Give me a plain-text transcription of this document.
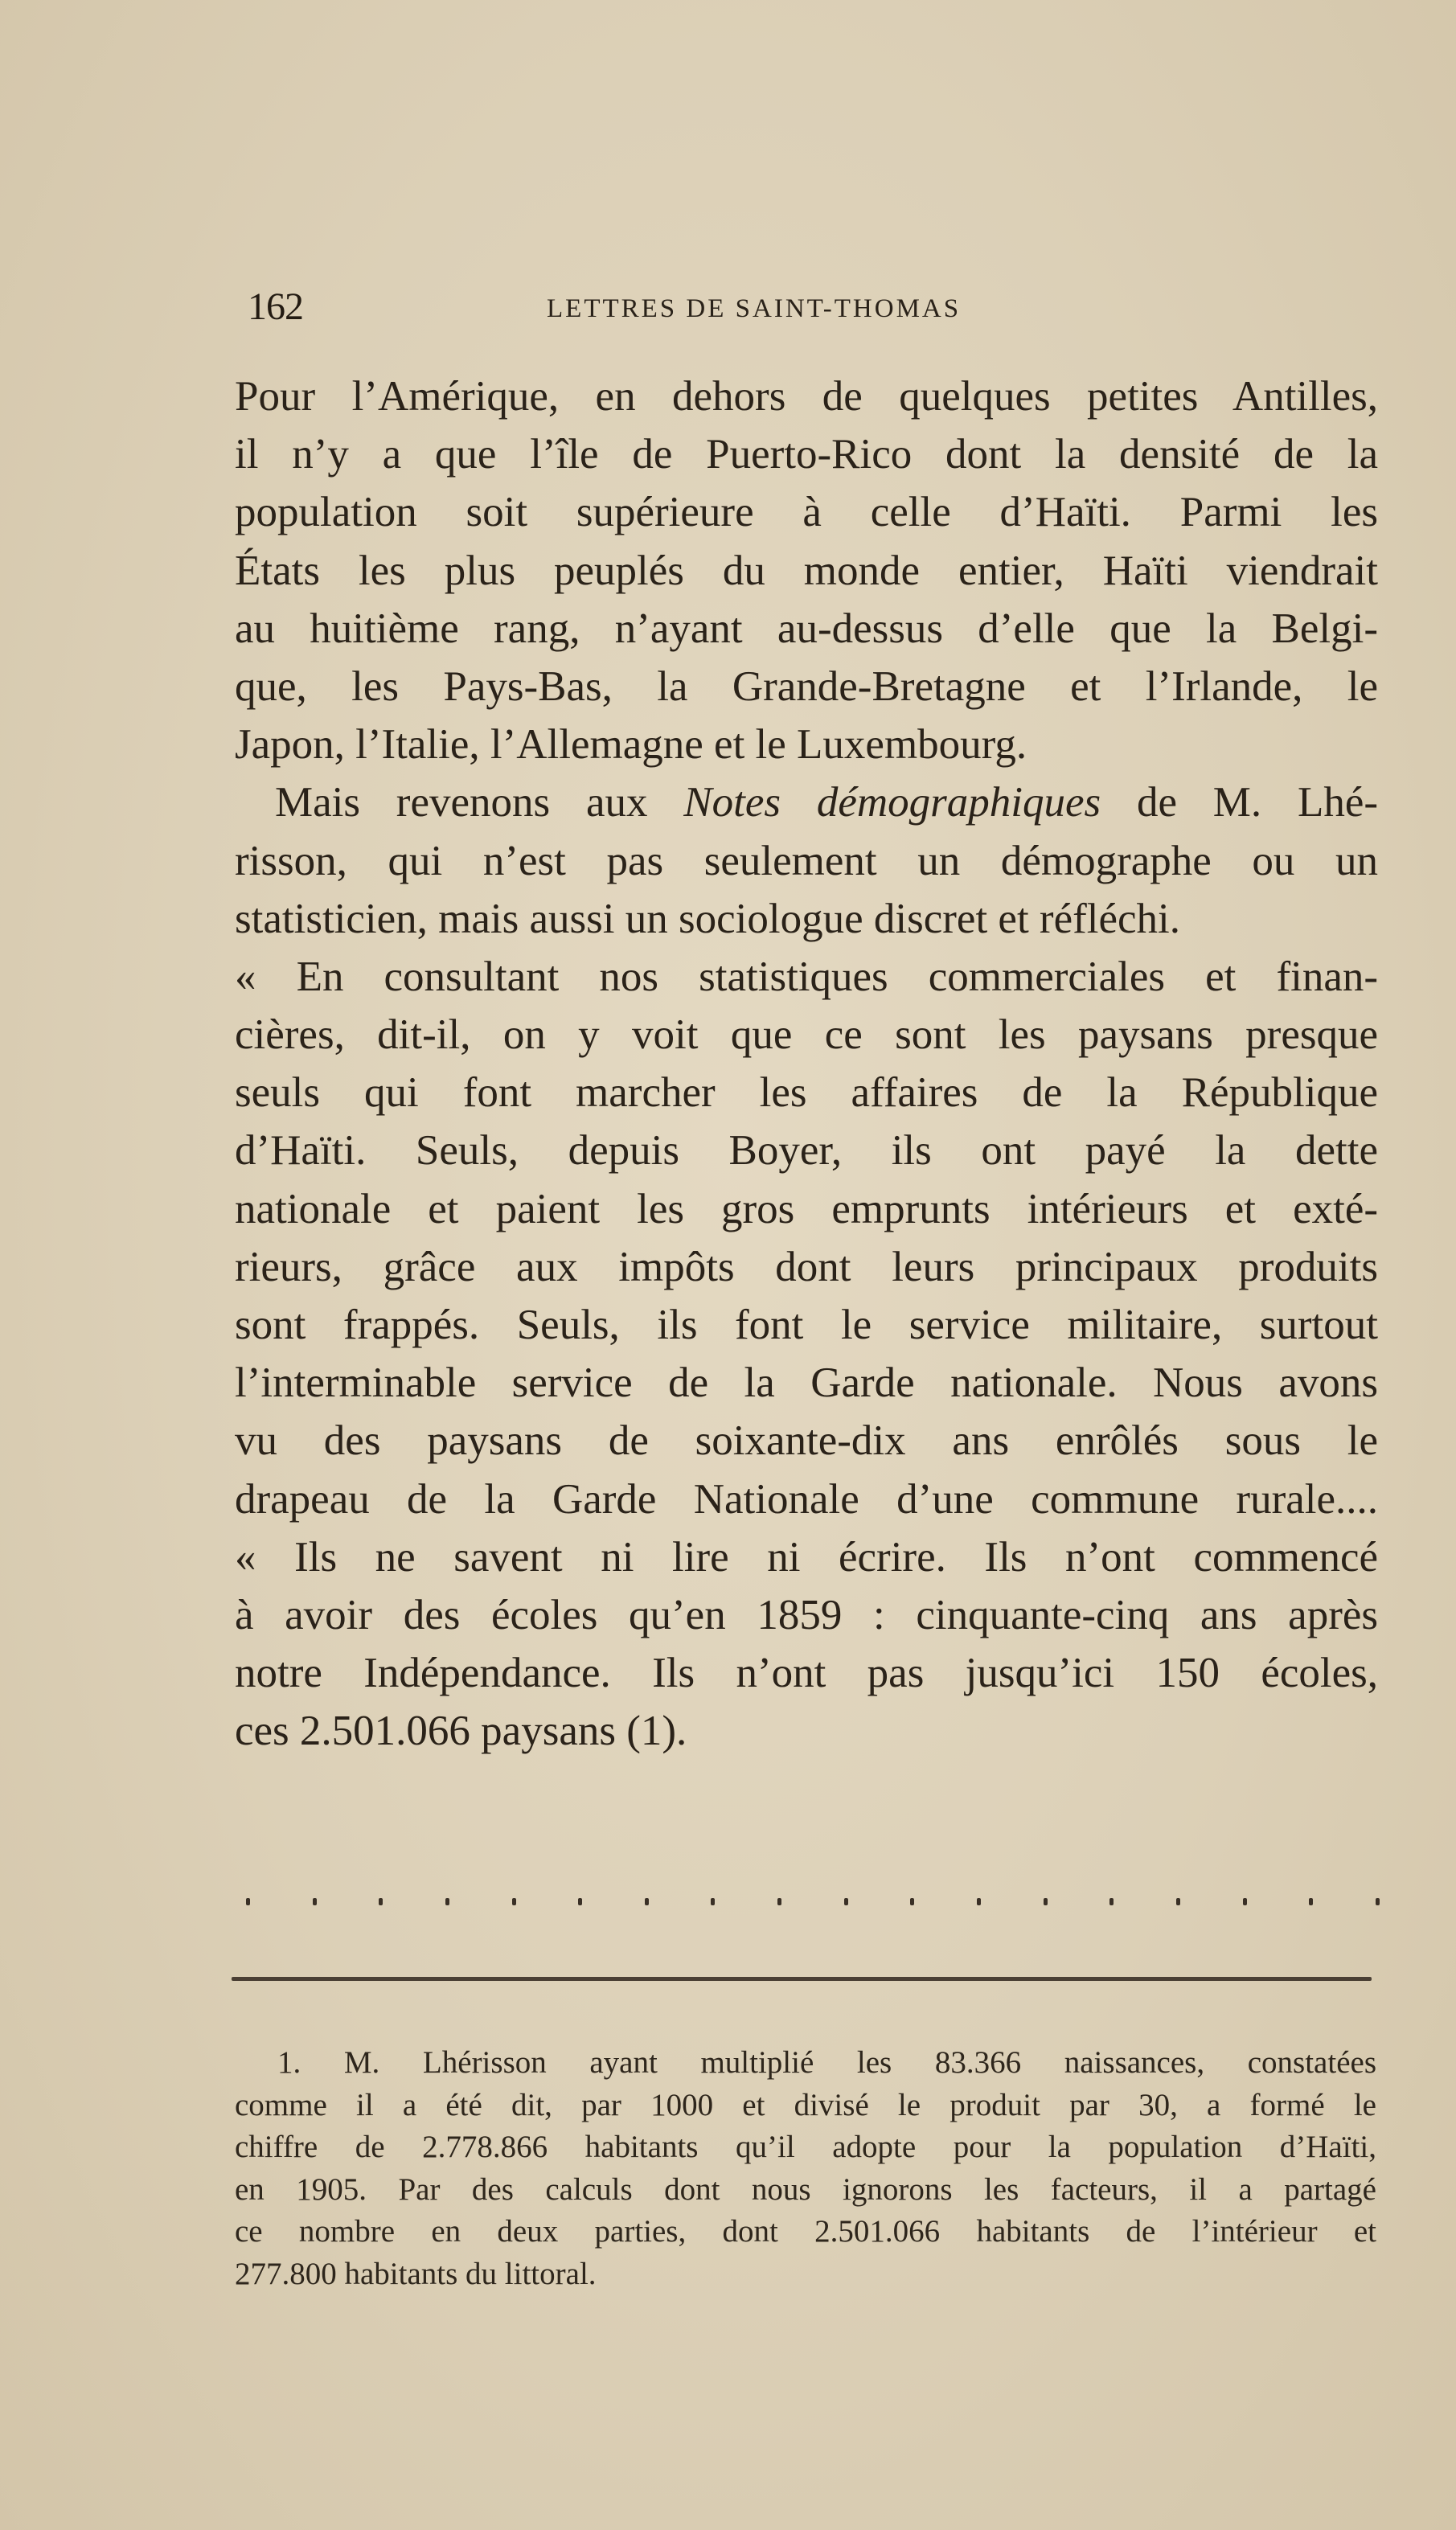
162	LETTRES DE SAINT-THOMAS
Pour l’Amérique, en dehors de quelques petites Antilles,
il n’y a que l’île de Puerto-Rico dont la densité de la
population soit supérieure à celle d’Haïti. Parmi les
États les plus peuplés du monde entier, Haïti viendrait
au huitième rang, n’ayant au-dessus d’elle que la Belgi-
que, les Pays-Bas, la Grande-Bretagne et l’Irlande, le
Japon, l’Italie, l’Allemagne et le Luxembourg.
Mais revenons aux Notes démographiques de M. Lhé-
risson, qui n’est pas seulement un démographe ou un
statisticien, mais aussi un sociologue discret et réfléchi.
« En consultant nos statistiques commerciales et finan-
cières, dit-il, on y voit que ce sont les paysans presque
seuls qui font marcher les affaires de la République
d’Haïti. Seuls, depuis Boyer, ils ont payé la dette
nationale et paient les gros emprunts intérieurs et exté-
rieurs, grâce aux impôts dont leurs principaux produits
sont frappés. Seuls, ils font le service militaire, surtout
l’interminable service de la Garde nationale. Nous avons
vu des paysans de soixante-dix ans enrôlés sous le
drapeau de la Garde Nationale d’une commune rurale....
« Ils ne savent ni lire ni écrire. Ils n’ont commencé
à avoir des écoles qu’en 1859 : cinquante-cinq ans après
notre Indépendance. Ils n’ont pas jusqu’ici 150 écoles,
ces 2.501.066 paysans (1).
1. M. Lhérisson ayant multiplié les 83.366 naissances, constatées
comme il a été dit, par 1000 et divisé le produit par 30, a formé le
chiffre de 2.778.866 habitants qu’il adopte pour la population d’Haïti,
en 1905. Par des calculs dont nous ignorons les facteurs, il a partagé
ce nombre en deux parties, dont 2.501.066 habitants de l’intérieur et
277.800 habitants du littoral.
